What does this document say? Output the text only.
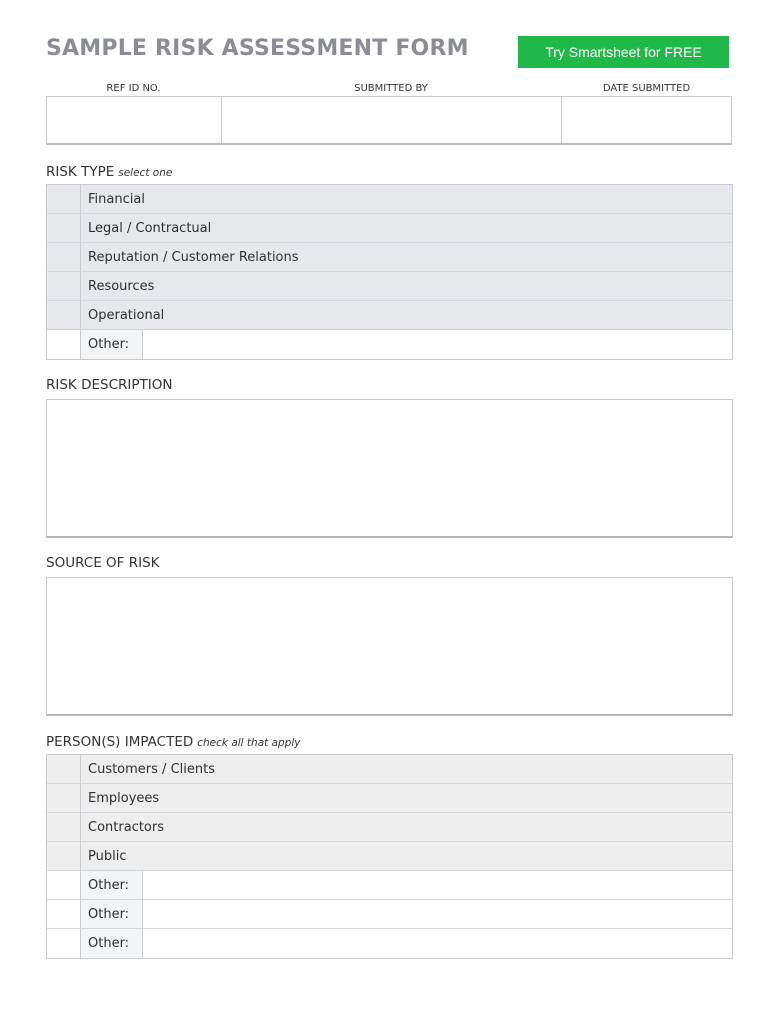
SAMPLE RISK ASSESSMENT FORM	Try Smartsheet for FREE
REF ID NO.	SUBMITTED BY	DATE SUBMITTED
RISK TYPE select one
Financial
Legal / Contractual
Reputation / Customer Relations
Resources
Operational
Other:
RISK DESCRIPTION
SOURCE OF RISK
PERSON(S) IMPACTED check all that apply
Customers / Clients
Employees
Contractors
Public
Other:
Other:
Other:
